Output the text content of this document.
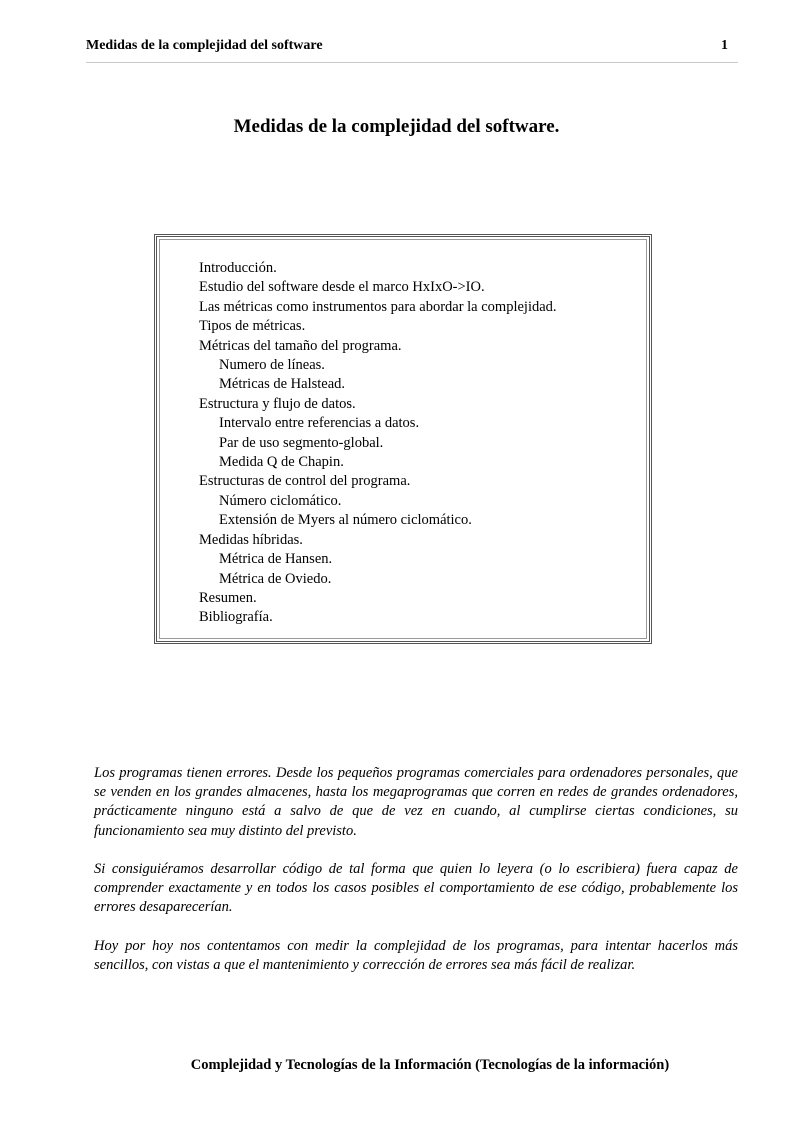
Medidas de la complejidad del software	1
Medidas de la complejidad del software.
Introducción.
Estudio del software desde el marco HxIxO->IO.
Las métricas como instrumentos para abordar la complejidad.
Tipos de métricas.
Métricas del tamaño del programa.
Numero de líneas.
Métricas de Halstead.
Estructura y flujo de datos.
Intervalo entre referencias a datos.
Par de uso segmento-global.
Medida Q de Chapin.
Estructuras de control del programa.
Número ciclomático.
Extensión de Myers al número ciclomático.
Medidas híbridas.
Métrica de Hansen.
Métrica de Oviedo.
Resumen.
Bibliografía.

Los programas tienen errores. Desde los pequeños programas comerciales para ordenadores personales, que se venden en los grandes almacenes, hasta los megaprogramas que corren en redes de grandes ordenadores, prácticamente ninguno está a salvo de que de vez en cuando, al cumplirse ciertas condiciones, su funcionamiento sea muy distinto del previsto.

Si consiguiéramos desarrollar código de tal forma que quien lo leyera (o lo escribiera) fuera capaz de comprender exactamente y en todos los casos posibles el comportamiento de ese código, probablemente los errores desaparecerían.

Hoy por hoy nos contentamos con medir la complejidad de los programas, para intentar hacerlos más sencillos, con vistas a que el mantenimiento y corrección de errores sea más fácil de realizar.

Complejidad y Tecnologías de la Información (Tecnologías de la información)
